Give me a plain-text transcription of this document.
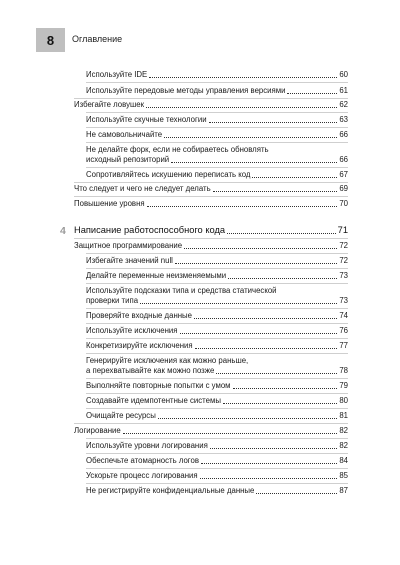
8 Оглавление
Используйте IDE	60
Используйте передовые методы управления версиями	61
Избегайте ловушек	62
Используйте скучные технологии	63
Не самовольничайте	66
Не делайте форк, если не собираетесь обновлять
исходный репозиторий	66
Сопротивляйтесь искушению переписать код	67
Что следует и чего не следует делать	69
Повышение уровня	70
4 Написание работоспособного кода	71
Защитное программирование	72
Избегайте значений null	72
Делайте переменные неизменяемыми	73
Используйте подсказки типа и средства статической
проверки типа	73
Проверяйте входные данные	74
Используйте исключения	76
Конкретизируйте исключения	77
Генерируйте исключения как можно раньше,
а перехватывайте как можно позже	78
Выполняйте повторные попытки с умом	79
Создавайте идемпотентные системы	80
Очищайте ресурсы	81
Логирование	82
Используйте уровни логирования	82
Обеспечьте атомарность логов	84
Ускорьте процесс логирования	85
Не регистрируйте конфиденциальные данные	87
